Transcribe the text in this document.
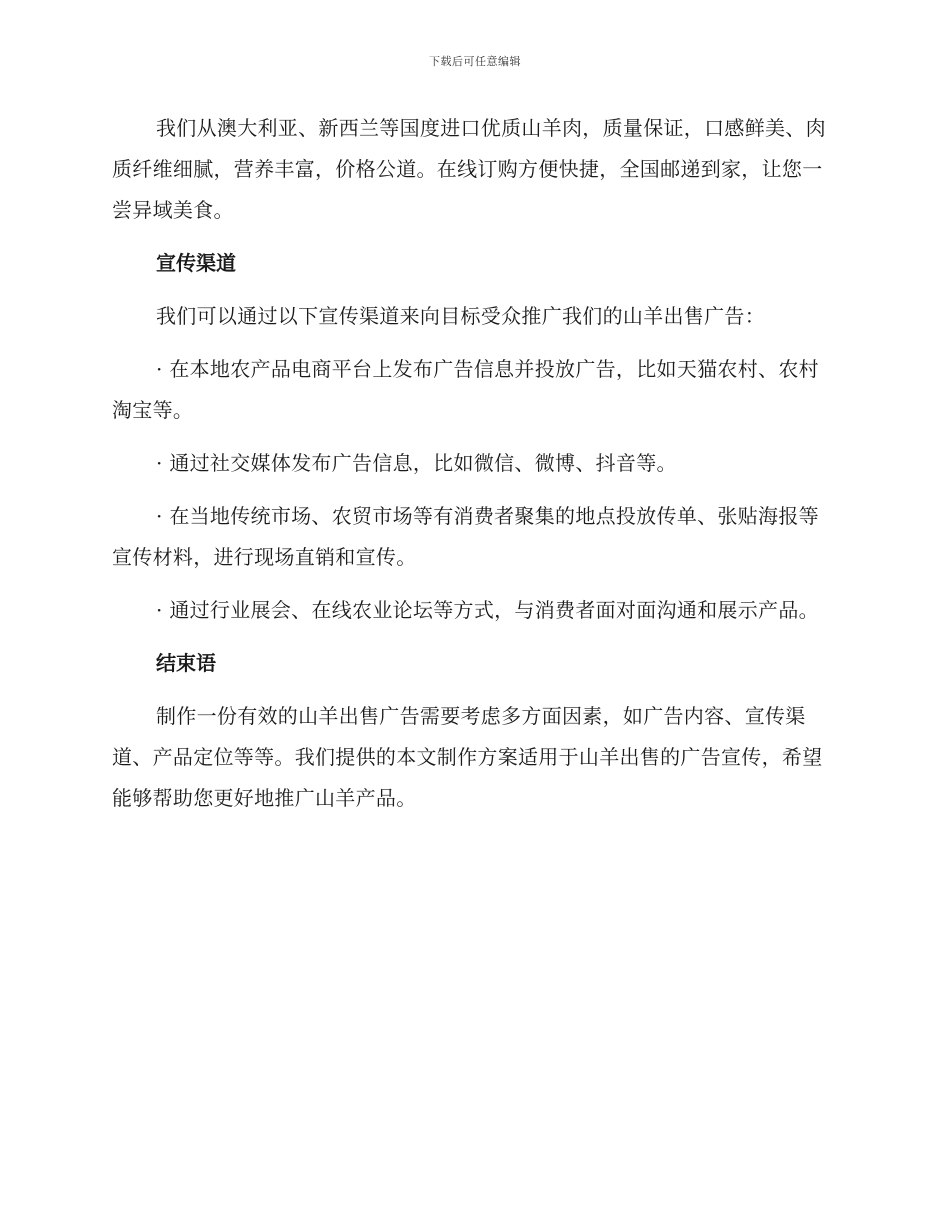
下载后可任意编辑

我们从澳大利亚、新西兰等国度进口优质山羊肉，质量保证，口感鲜美、肉质纤维细腻，营养丰富，价格公道。在线订购方便快捷，全国邮递到家，让您一尝异域美食。

宣传渠道

我们可以通过以下宣传渠道来向目标受众推广我们的山羊出售广告：

· 在本地农产品电商平台上发布广告信息并投放广告，比如天猫农村、农村淘宝等。

· 通过社交媒体发布广告信息，比如微信、微博、抖音等。

· 在当地传统市场、农贸市场等有消费者聚集的地点投放传单、张贴海报等宣传材料，进行现场直销和宣传。

· 通过行业展会、在线农业论坛等方式，与消费者面对面沟通和展示产品。

结束语

制作一份有效的山羊出售广告需要考虑多方面因素，如广告内容、宣传渠道、产品定位等等。我们提供的本文制作方案适用于山羊出售的广告宣传，希望能够帮助您更好地推广山羊产品。
